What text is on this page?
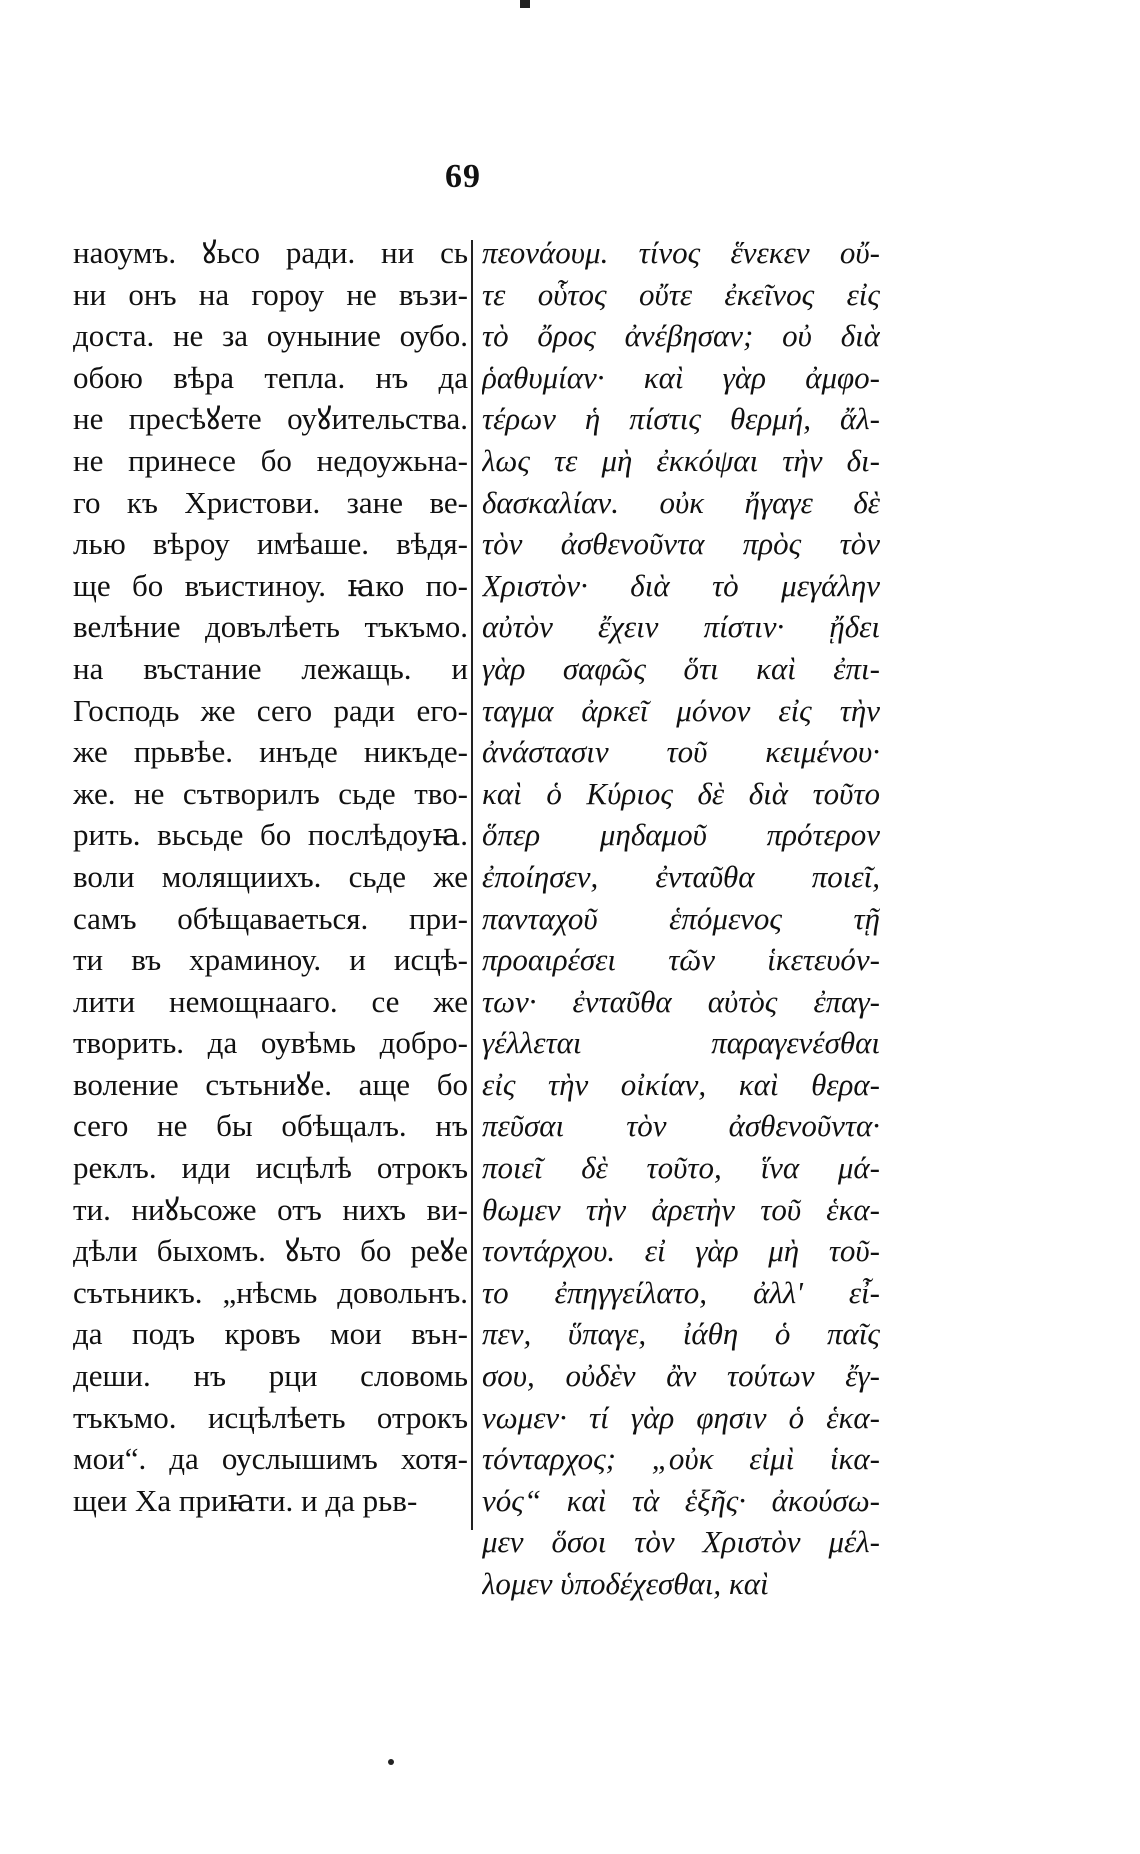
69
наоумъ. ꙋьсо ради. ни сь
ни онъ на гороу не възи-
доста. не за оуныние оубо.
обою вѣра тепла. нъ да
не пресѣꙋете оуꙋительства.
не принесе бо недоужьна-
го къ Христови. зане ве-
лью вѣроу имѣаше. вѣдя-
ще бо въистиноу. ꙗко по-
велѣние довълѣеть тъкъмо.
на въстание лежащь. и
Господь же сего ради его-
же прьвѣе. инъде никъде-
же. не сътворилъ сьде тво-
рить. вьсьде бо послѣдоуꙗ.
воли молящиихъ. сьде же
самъ обѣщаваеться. при-
ти въ храминоу. и исцѣ-
лити немощнааго. се же
творить. да оувѣмь добро-
воление сътьниꙋе. аще бо
сего не бы обѣщалъ. нъ
реклъ. иди исцѣлѣ отрокъ
ти. ниꙋьсоже отъ нихъ ви-
дѣли быхомъ. ꙋьто бо реꙋе
сътьникъ. „нѣсмь довольнъ.
да подъ кровъ мои вън-
деши. нъ рци словомь
тъкъмо. исцѣлѣеть отрокъ
мои“. да оуслышимъ хотя-
щеи Ха приꙗти. и да рьв-
πεονάουμ. τίνος ἕνεκεν οὔ-
τε οὗτος οὔτε ἐκεῖνος εἰς
τὸ ὄρος ἀνέβησαν; οὐ διὰ
ῥαθυμίαν· καὶ γὰρ ἀμφο-
τέρων ἡ πίστις θερμή, ἄλ-
λως τε μὴ ἐκκόψαι τὴν δι-
δασκαλίαν. οὐκ ἤγαγε δὲ
τὸν ἀσθενοῦντα πρὸς τὸν
Χριστὸν· διὰ τὸ μεγάλην
αὐτὸν ἔχειν πίστιν· ᾔδει
γὰρ σαφῶς ὅτι καὶ ἐπι-
ταγμα ἀρκεῖ μόνον εἰς τὴν
ἀνάστασιν τοῦ κειμένου·
καὶ ὁ Κύριος δὲ διὰ τοῦτο
ὅπερ μηδαμοῦ πρότερον
ἐποίησεν, ἐνταῦθα ποιεῖ,
πανταχοῦ ἑπόμενος τῇ
προαιρέσει τῶν ἱκετευόν-
των· ἐνταῦθα αὐτὸς ἐπαγ-
γέλλεται παραγενέσθαι
εἰς τὴν οἰκίαν, καὶ θερα-
πεῦσαι τὸν ἀσθενοῦντα·
ποιεῖ δὲ τοῦτο, ἵνα μά-
θωμεν τὴν ἀρετὴν τοῦ ἑκα-
τοντάρχου. εἰ γὰρ μὴ τοῦ-
το ἐπηγγείλατο, ἀλλ' εἶ-
πεν, ὕπαγε, ἰάθη ὁ παῖς
σου, οὐδὲν ἂν τούτων ἔγ-
νωμεν· τί γὰρ φησιν ὁ ἑκα-
τόνταρχος; „οὐκ εἰμὶ ἱκα-
νός“ καὶ τὰ ἑξῆς· ἀκούσω-
μεν ὅσοι τὸν Χριστὸν μέλ-
λομεν ὑποδέχεσθαι, καὶ
